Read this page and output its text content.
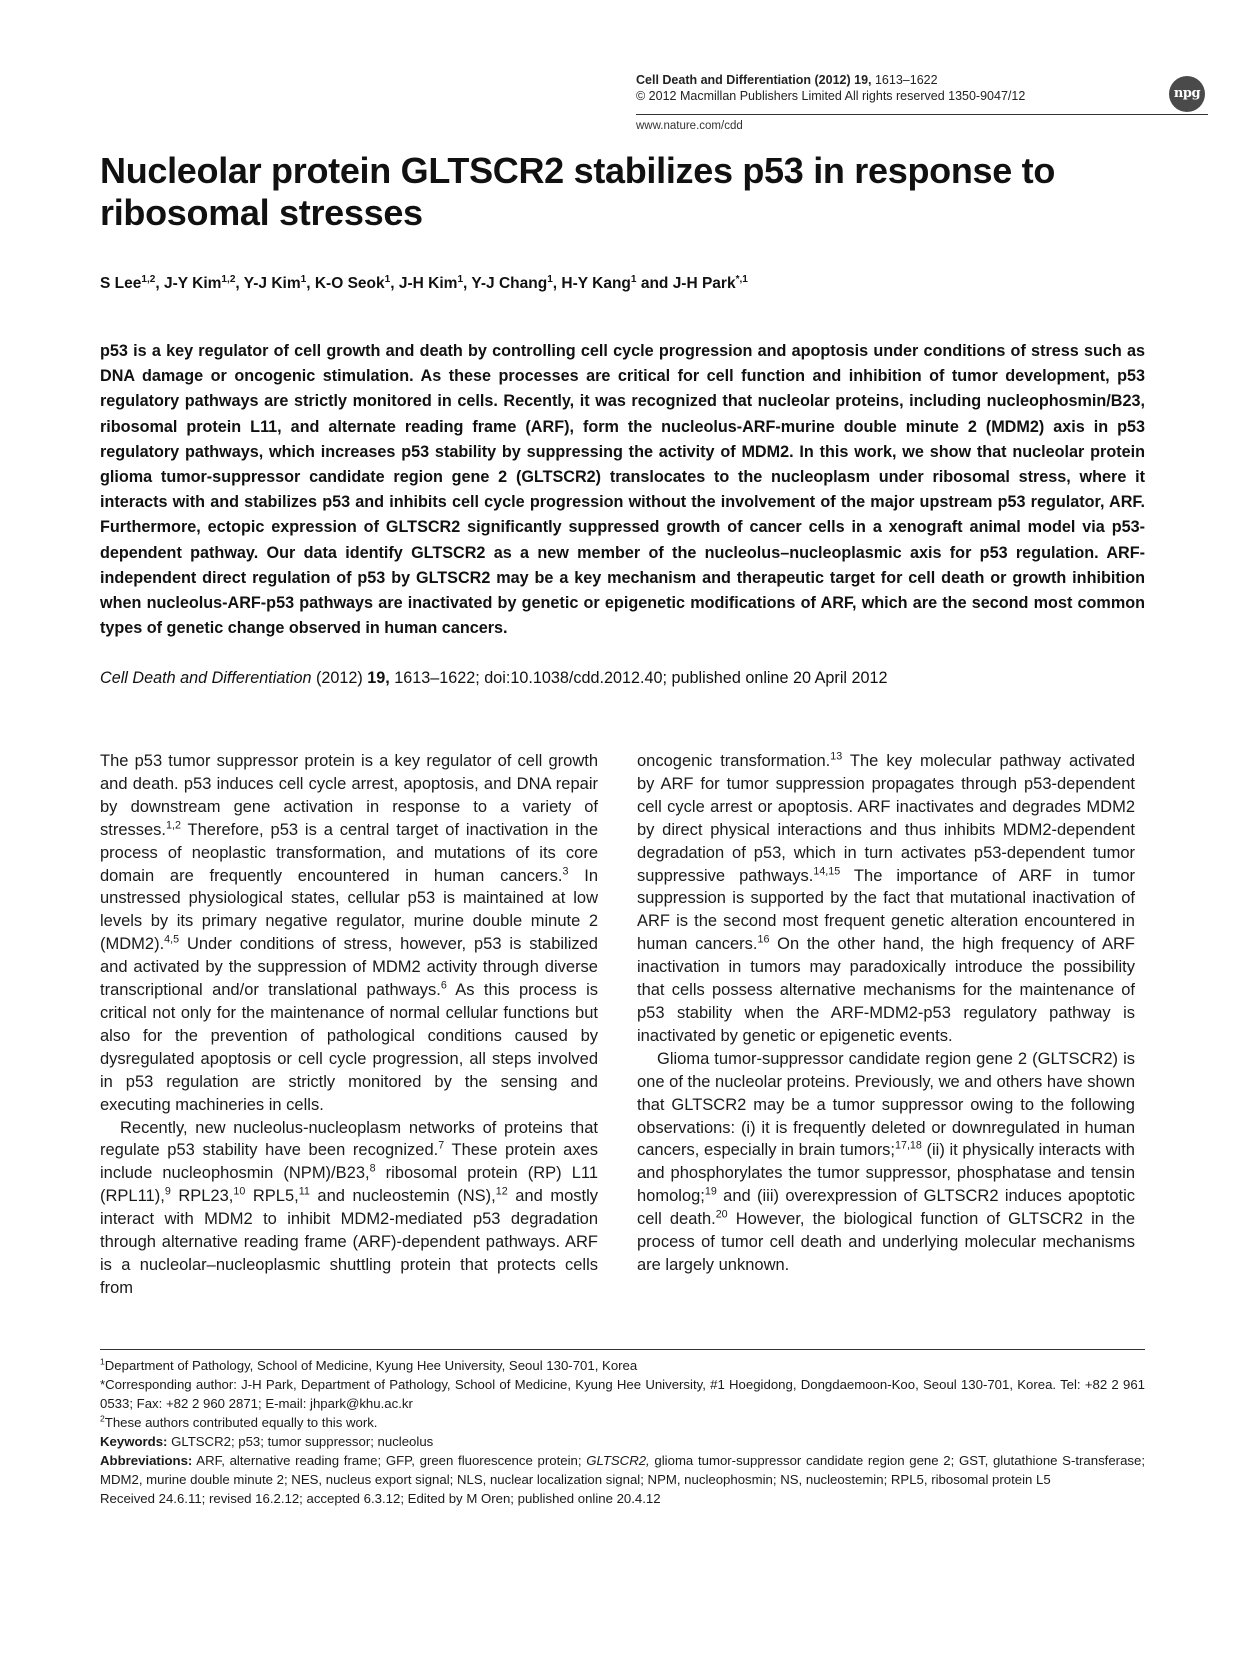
Cell Death and Differentiation (2012) 19, 1613–1622
© 2012 Macmillan Publishers Limited All rights reserved 1350-9047/12
www.nature.com/cdd
npg
Nucleolar protein GLTSCR2 stabilizes p53 in response to ribosomal stresses
S Lee$^{1,2}$, J-Y Kim$^{1,2}$, Y-J Kim$^1$, K-O Seok$^1$, J-H Kim$^1$, Y-J Chang$^1$, H-Y Kang$^1$ and J-H Park$^{*,1}$
p53 is a key regulator of cell growth and death by controlling cell cycle progression and apoptosis under conditions of stress such as DNA damage or oncogenic stimulation. As these processes are critical for cell function and inhibition of tumor development, p53 regulatory pathways are strictly monitored in cells. Recently, it was recognized that nucleolar proteins, including nucleophosmin/B23, ribosomal protein L11, and alternate reading frame (ARF), form the nucleolus-ARF-murine double minute 2 (MDM2) axis in p53 regulatory pathways, which increases p53 stability by suppressing the activity of MDM2. In this work, we show that nucleolar protein glioma tumor-suppressor candidate region gene 2 (GLTSCR2) translocates to the nucleoplasm under ribosomal stress, where it interacts with and stabilizes p53 and inhibits cell cycle progression without the involvement of the major upstream p53 regulator, ARF. Furthermore, ectopic expression of GLTSCR2 significantly suppressed growth of cancer cells in a xenograft animal model via p53-dependent pathway. Our data identify GLTSCR2 as a new member of the nucleolus–nucleoplasmic axis for p53 regulation. ARF-independent direct regulation of p53 by GLTSCR2 may be a key mechanism and therapeutic target for cell death or growth inhibition when nucleolus-ARF-p53 pathways are inactivated by genetic or epigenetic modifications of ARF, which are the second most common types of genetic change observed in human cancers.
Cell Death and Differentiation (2012) 19, 1613–1622; doi:10.1038/cdd.2012.40; published online 20 April 2012

The p53 tumor suppressor protein is a key regulator of cell growth and death. p53 induces cell cycle arrest, apoptosis, and DNA repair by downstream gene activation in response to a variety of stresses.$^{1,2}$ Therefore, p53 is a central target of inactivation in the process of neoplastic transformation, and mutations of its core domain are frequently encountered in human cancers.$^3$ In unstressed physiological states, cellular p53 is maintained at low levels by its primary negative regulator, murine double minute 2 (MDM2).$^{4,5}$ Under conditions of stress, however, p53 is stabilized and activated by the suppression of MDM2 activity through diverse transcriptional and/or translational pathways.$^6$ As this process is critical not only for the maintenance of normal cellular functions but also for the prevention of pathological conditions caused by dysregulated apoptosis or cell cycle progression, all steps involved in p53 regulation are strictly monitored by the sensing and executing machineries in cells.

Recently, new nucleolus-nucleoplasm networks of proteins that regulate p53 stability have been recognized.$^7$ These protein axes include nucleophosmin (NPM)/B23,$^8$ ribosomal protein (RP) L11 (RPL11),$^9$ RPL23,10 RPL5,11 and nucleostemin (NS),$^{12}$ and mostly interact with MDM2 to inhibit MDM2-mediated p53 degradation through alternative reading frame (ARF)-dependent pathways. ARF is a nucleolar–nucleoplasmic shuttling protein that protects cells from

oncogenic transformation.$^{13}$ The key molecular pathway activated by ARF for tumor suppression propagates through p53-dependent cell cycle arrest or apoptosis. ARF inactivates and degrades MDM2 by direct physical interactions and thus inhibits MDM2-dependent degradation of p53, which in turn activates p53-dependent tumor suppressive pathways.$^{14,15}$ The importance of ARF in tumor suppression is supported by the fact that mutational inactivation of ARF is the second most frequent genetic alteration encountered in human cancers.$^{16}$ On the other hand, the high frequency of ARF inactivation in tumors may paradoxically introduce the possibility that cells possess alternative mechanisms for the maintenance of p53 stability when the ARF-MDM2-p53 regulatory pathway is inactivated by genetic or epigenetic events.

Glioma tumor-suppressor candidate region gene 2 (GLTSCR2) is one of the nucleolar proteins. Previously, we and others have shown that GLTSCR2 may be a tumor suppressor owing to the following observations: (i) it is frequently deleted or downregulated in human cancers, especially in brain tumors;$^{17,18}$ (ii) it physically interacts with and phosphorylates the tumor suppressor, phosphatase and tensin homolog;$^{19}$ and (iii) overexpression of GLTSCR2 induces apoptotic cell death.$^{20}$ However, the biological function of GLTSCR2 in the process of tumor cell death and underlying molecular mechanisms are largely unknown.

$^1$Department of Pathology, School of Medicine, Kyung Hee University, Seoul 130-701, Korea

*Corresponding author: J-H Park, Department of Pathology, School of Medicine, Kyung Hee University, #1 Hoegidong, Dongdaemoon-Koo, Seoul 130-701, Korea. Tel: +82 2 961 0533; Fax: +82 2 960 2871; E-mail: jhpark@khu.ac.kr

$^2$These authors contributed equally to this work.

Keywords: GLTSCR2; p53; tumor suppressor; nucleolus

Abbreviations: ARF, alternative reading frame; GFP, green fluorescence protein; GLTSCR2, glioma tumor-suppressor candidate region gene 2; GST, glutathione S-transferase; MDM2, murine double minute 2; NES, nucleus export signal; NLS, nuclear localization signal; NPM, nucleophosmin; NS, nucleostemin; RPL5, ribosomal protein L5

Received 24.6.11; revised 16.2.12; accepted 6.3.12; Edited by M Oren; published online 20.4.12
